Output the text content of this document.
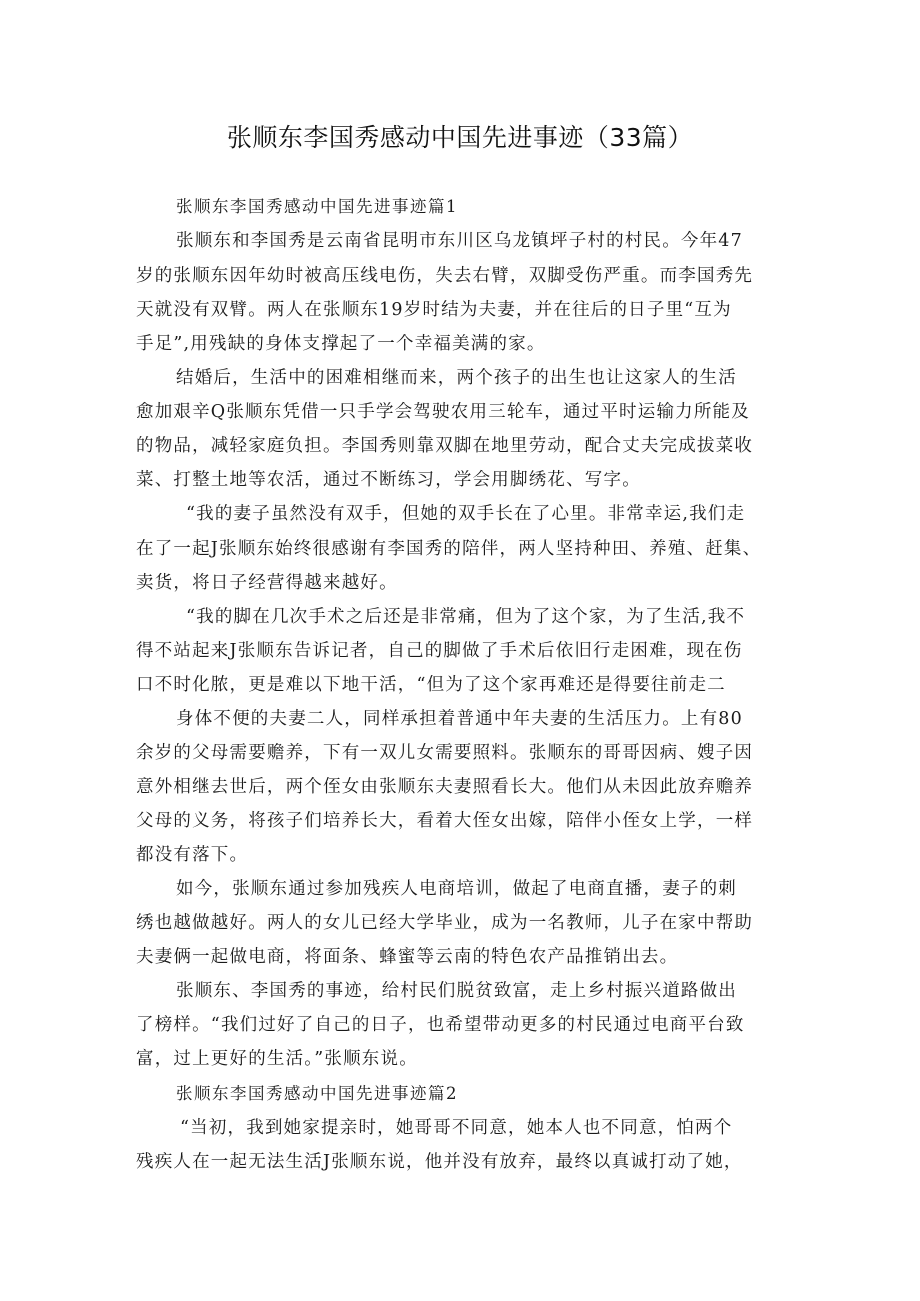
张顺东李国秀感动中国先进事迹（33篇）

张顺东李国秀感动中国先进事迹篇1

张顺东和李国秀是云南省昆明市东川区乌龙镇坪子村的村民。今年47

岁的张顺东因年幼时被高压线电伤，失去右臂，双脚受伤严重。而李国秀先

天就没有双臂。两人在张顺东19岁时结为夫妻，并在往后的日子里“互为

手足”,用残缺的身体支撑起了一个幸福美满的家。

结婚后，生活中的困难相继而来，两个孩子的出生也让这家人的生活

愈加艰辛Q张顺东凭借一只手学会驾驶农用三轮车，通过平时运输力所能及

的物品，减轻家庭负担。李国秀则靠双脚在地里劳动，配合丈夫完成拔菜收

菜、打整土地等农活，通过不断练习，学会用脚绣花、写字。

“我的妻子虽然没有双手，但她的双手长在了心里。非常幸运,我们走

在了一起J张顺东始终很感谢有李国秀的陪伴，两人坚持种田、养殖、赶集、

卖货，将日子经营得越来越好。

“我的脚在几次手术之后还是非常痛，但为了这个家，为了生活,我不

得不站起来J张顺东告诉记者，自己的脚做了手术后依旧行走困难，现在伤

口不时化脓，更是难以下地干活，“但为了这个家再难还是得要往前走二

身体不便的夫妻二人，同样承担着普通中年夫妻的生活压力。上有80

余岁的父母需要赡养，下有一双儿女需要照料。张顺东的哥哥因病、嫂子因

意外相继去世后，两个侄女由张顺东夫妻照看长大。他们从未因此放弃赡养

父母的义务，将孩子们培养长大，看着大侄女出嫁，陪伴小侄女上学，一样

都没有落下。

如今，张顺东通过参加残疾人电商培训，做起了电商直播，妻子的刺

绣也越做越好。两人的女儿已经大学毕业，成为一名教师，儿子在家中帮助

夫妻俩一起做电商，将面条、蜂蜜等云南的特色农产品推销出去。

张顺东、李国秀的事迹，给村民们脱贫致富，走上乡村振兴道路做出

了榜样。“我们过好了自己的日子，也希望带动更多的村民通过电商平台致

富，过上更好的生活。”张顺东说。

张顺东李国秀感动中国先进事迹篇2

“当初，我到她家提亲时，她哥哥不同意，她本人也不同意，怕两个

残疾人在一起无法生活J张顺东说，他并没有放弃，最终以真诚打动了她，
